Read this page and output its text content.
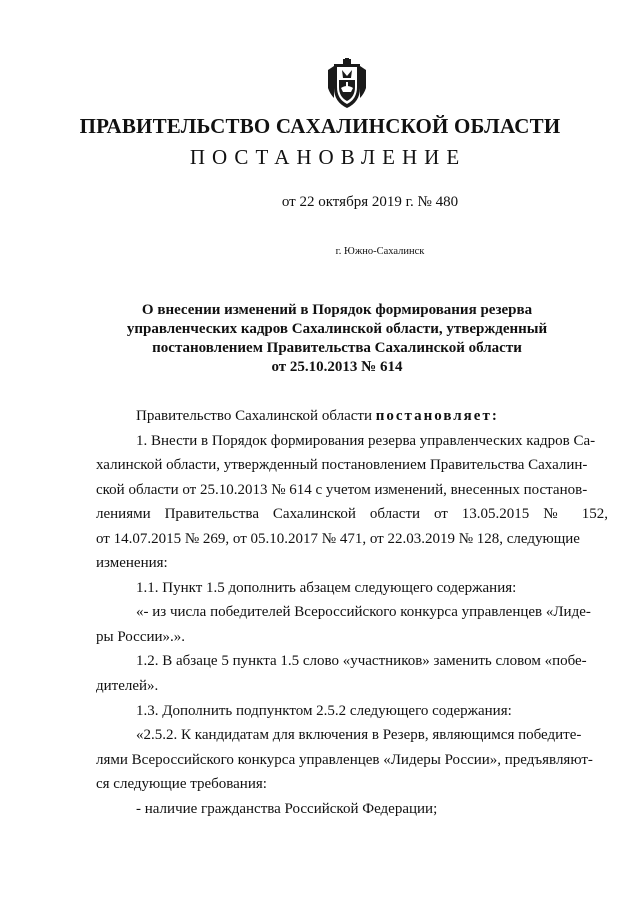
ПРАВИТЕЛЬСТВО САХАЛИНСКОЙ ОБЛАСТИ
ПОСТАНОВЛЕНИЕ
от 22 октября 2019 г. № 480
г. Южно-Сахалинск
О внесении изменений в Порядок формирования резерва
управленческих кадров Сахалинской области, утвержденный
постановлением Правительства Сахалинской области
от 25.10.2013 № 614
Правительство Сахалинской области постановляет:
1. Внести в Порядок формирования резерва управленческих кадров Са-
халинской области, утвержденный постановлением Правительства Сахалин-
ской области от 25.10.2013 № 614 с учетом изменений, внесенных постанов-
лениями Правительства Сахалинской области от 13.05.2015 № 152,
от 14.07.2015 № 269, от 05.10.2017 № 471, от 22.03.2019 № 128, следующие
изменения:
1.1. Пункт 1.5 дополнить абзацем следующего содержания:
«- из числа победителей Всероссийского конкурса управленцев «Лиде-
ры России».».
1.2. В абзаце 5 пункта 1.5 слово «участников» заменить словом «побе-
дителей».
1.3. Дополнить подпунктом 2.5.2 следующего содержания:
«2.5.2. К кандидатам для включения в Резерв, являющимся победите-
лями Всероссийского конкурса управленцев «Лидеры России», предъявляют-
ся следующие требования:
- наличие гражданства Российской Федерации;
